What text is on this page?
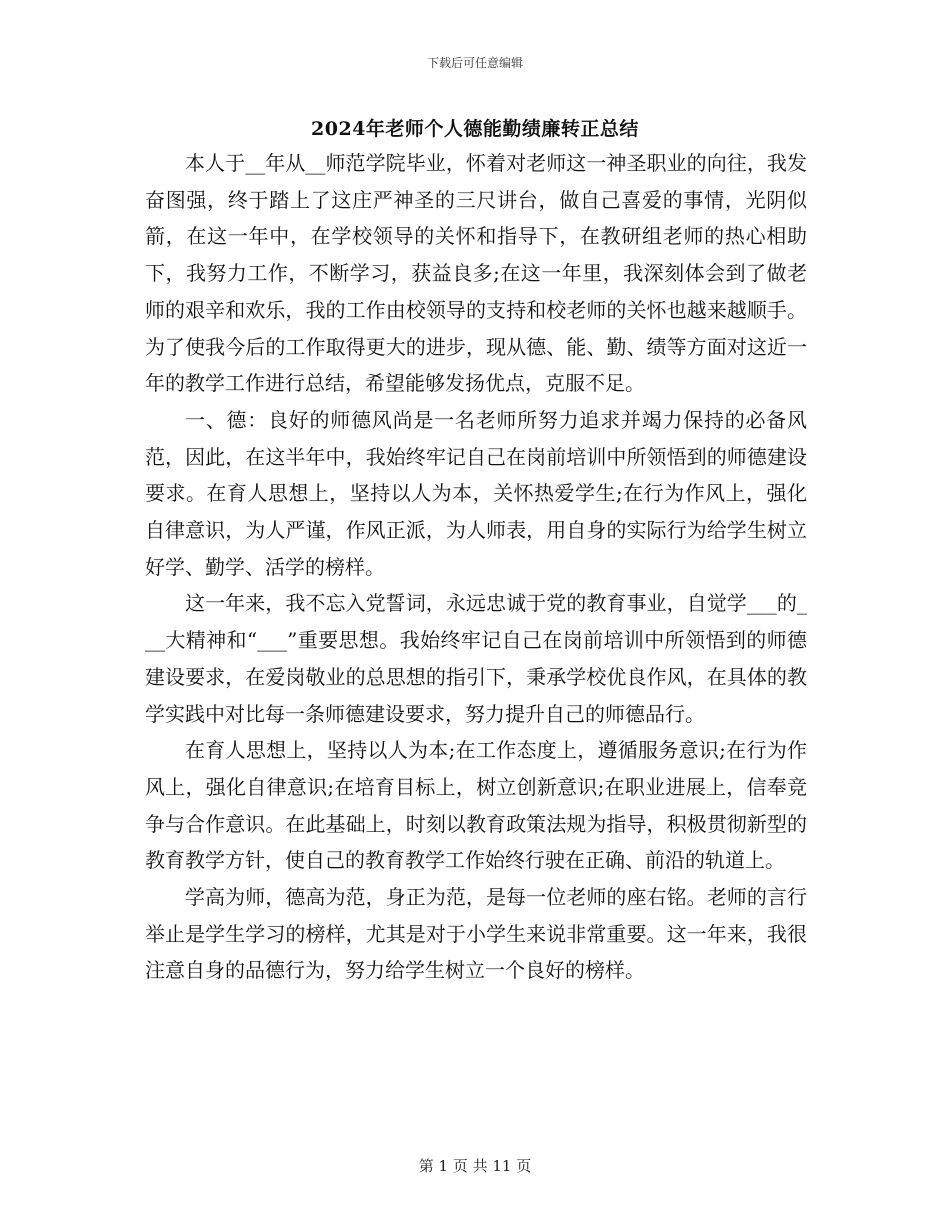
下载后可任意编辑
2024年老师个人德能勤绩廉转正总结

本人于__年从__师范学院毕业，怀着对老师这一神圣职业的向往，我发奋图强，终于踏上了这庄严神圣的三尺讲台，做自己喜爱的事情，光阴似箭，在这一年中，在学校领导的关怀和指导下，在教研组老师的热心相助下，我努力工作，不断学习，获益良多;在这一年里，我深刻体会到了做老师的艰辛和欢乐，我的工作由校领导的支持和校老师的关怀也越来越顺手。为了使我今后的工作取得更大的进步，现从德、能、勤、绩等方面对这近一年的教学工作进行总结，希望能够发扬优点，克服不足。

一、德：良好的师德风尚是一名老师所努力追求并竭力保持的必备风范，因此，在这半年中，我始终牢记自己在岗前培训中所领悟到的师德建设要求。在育人思想上，坚持以人为本，关怀热爱学生;在行为作风上，强化自律意识，为人严谨，作风正派，为人师表，用自身的实际行为给学生树立好学、勤学、活学的榜样。

这一年来，我不忘入党誓词，永远忠诚于党的教育事业，自觉学___的___大精神和“___”重要思想。我始终牢记自己在岗前培训中所领悟到的师德建设要求，在爱岗敬业的总思想的指引下，秉承学校优良作风，在具体的教学实践中对比每一条师德建设要求，努力提升自己的师德品行。

在育人思想上，坚持以人为本;在工作态度上，遵循服务意识;在行为作风上，强化自律意识;在培育目标上，树立创新意识;在职业进展上，信奉竞争与合作意识。在此基础上，时刻以教育政策法规为指导，积极贯彻新型的教育教学方针，使自己的教育教学工作始终行驶在正确、前沿的轨道上。

学高为师，德高为范，身正为范，是每一位老师的座右铭。老师的言行举止是学生学习的榜样，尤其是对于小学生来说非常重要。这一年来，我很注意自身的品德行为，努力给学生树立一个良好的榜样。

第 1 页 共 11 页
